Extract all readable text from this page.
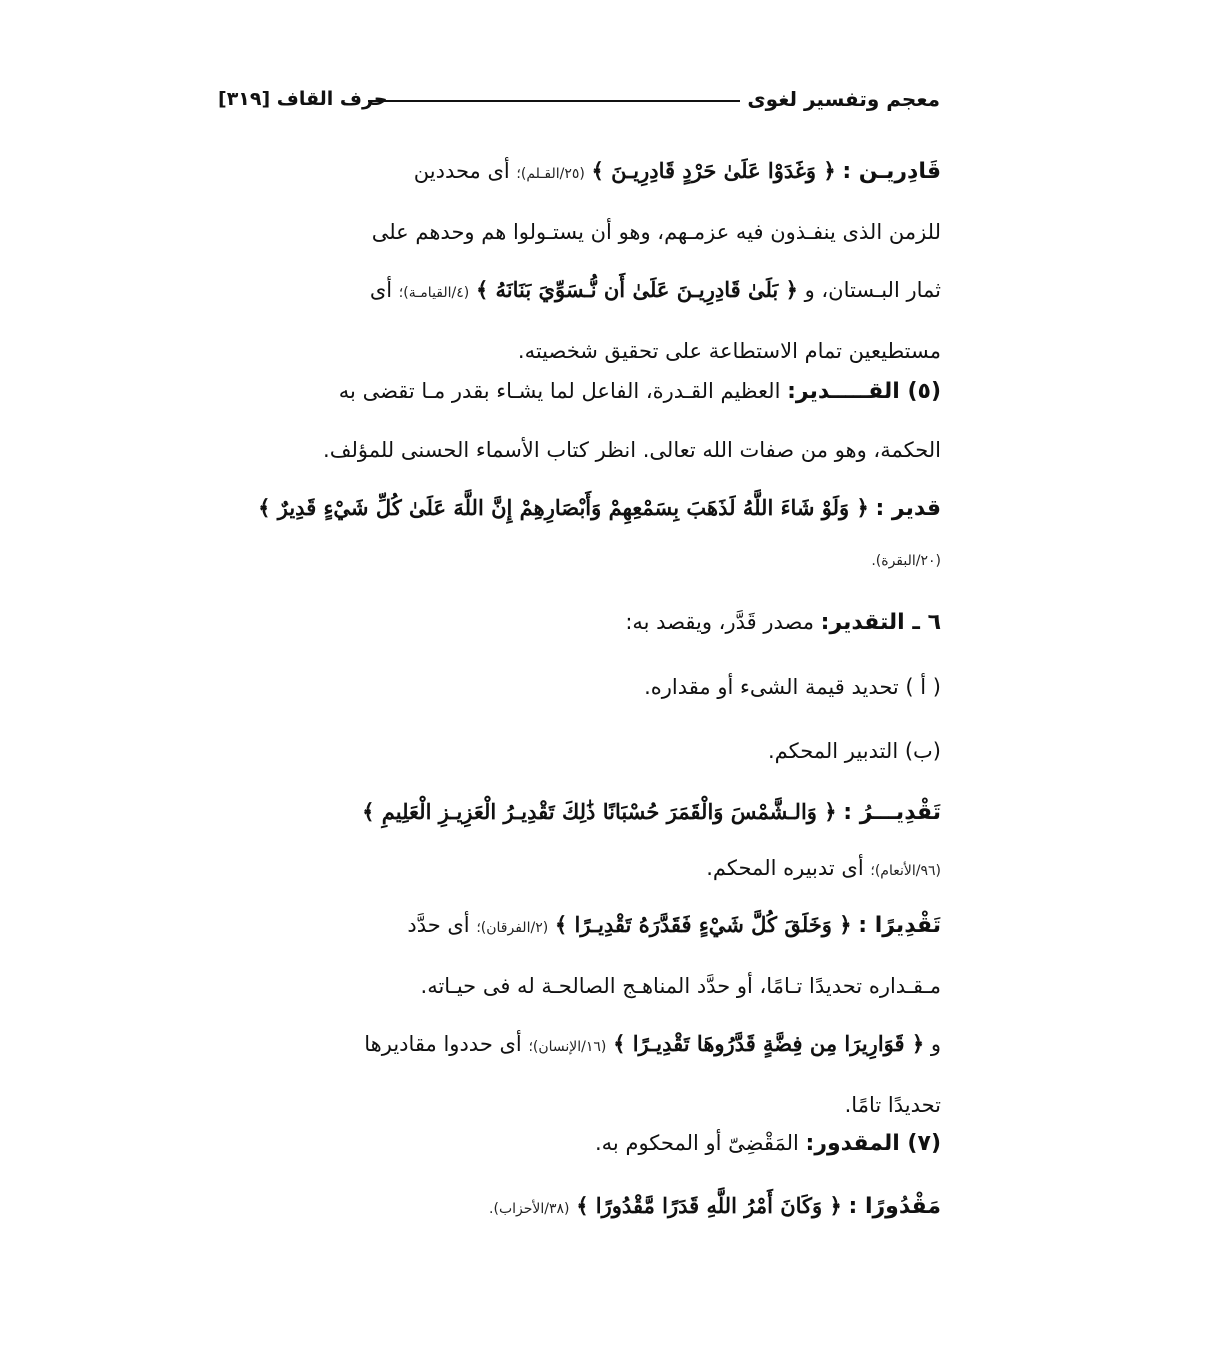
معجم وتفسير لغوى
حرف القاف [٣١٩]
قَادِريـن : ﴿ وَغَدَوْا عَلَىٰ حَرْدٍ قَادِرِيـنَ ﴾ (٢٥/القـلم)؛ أى محددين
للزمن الذى ينفـذون فيه عزمـهم، وهو أن يستـولوا هم وحدهم على
ثمار البـستان، و ﴿ بَلَىٰ قَادِرِيـنَ عَلَىٰ أَن نُّـسَوِّيَ بَنَانَهُ ﴾ (٤/القيامـة)؛ أى
مستطيعين تمام الاستطاعة على تحقيق شخصيته.
(٥) القـــــدير: العظيم القـدرة، الفاعل لما يشـاء بقدر مـا تقضى به
الحكمة، وهو من صفات الله تعالى. انظر كتاب الأسماء الحسنى للمؤلف.
قدير : ﴿ وَلَوْ شَاءَ اللَّهُ لَذَهَبَ بِسَمْعِهِمْ وَأَبْصَارِهِمْ إِنَّ اللَّهَ عَلَىٰ كُلِّ شَيْءٍ قَدِيرٌ ﴾
(٢٠/البقرة).
٦ ـ التقدير: مصدر قَدَّر، ويقصد به:
( أ ) تحديد قيمة الشىء أو مقداره.
(ب) التدبير المحكم.
تَقْدِيـــرُ : ﴿ وَالـشَّمْسَ وَالْقَمَرَ حُسْبَانًا ذَٰلِكَ تَقْدِيـرُ الْعَزِيـزِ الْعَلِيمِ ﴾
(٩٦/الأنعام)؛ أى تدبيره المحكم.
تَقْدِيرًا : ﴿ وَخَلَقَ كُلَّ شَيْءٍ فَقَدَّرَهُ تَقْدِيـرًا ﴾ (٢/الفرقان)؛ أى حدَّد
مـقـداره تحديدًا تـامًا، أو حدَّد المناهـج الصالحـة له فى حيـاته.
و ﴿ قَوَارِيرَا مِن فِضَّةٍ قَدَّرُوهَا تَقْدِيـرًا ﴾ (١٦/الإنسان)؛ أى حددوا مقاديرها
تحديدًا تامًا.
(٧) المقدور: المَقْضِىّ أو المحكوم به.
مَقْدُورًا : ﴿ وَكَانَ أَمْرُ اللَّهِ قَدَرًا مَّقْدُورًا ﴾ (٣٨/الأحزاب).
